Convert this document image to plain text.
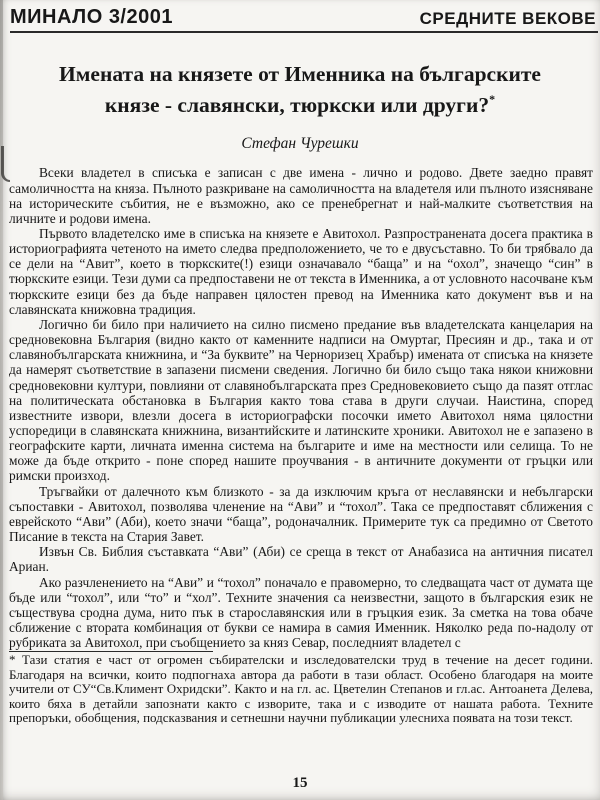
МИНАЛО 3/2001	СРЕДНИТЕ ВЕКОВЕ
Имената на князете от Именника на българските
князе - славянски, тюркски или други?*
Стефан Чурешки

Всеки владетел в списъка е записан с две имена - лично и родово. Двете заедно правят самоличността на княза. Пълното разкриване на самоличността на владетеля или пълното изясняване на историческите събития, не е възможно, ако се пренебрегнат и най-малките съответствия на личните и родови имена.

Първото владетелско име в списъка на князете е Авитохол. Разпространената досега практика в историографията четеното на името следва предположението, че то е двусъставно. То би трябвало да се дели на “Авит”, което в тюркските(!) езици означавало “баща” и на “охол”, значещо “син” в тюркските езици. Тези думи са предпоставени не от текста в Именника, а от условното насочване към тюркските езици без да бъде направен цялостен превод на Именника като документ във и на славянската книжовна традиция.

Логично би било при наличието на силно писмено предание във владетелската канцелария на средновековна България (видно както от каменните надписи на Омуртаг, Пресиян и др., така и от славянобългарската книжнина, и “За буквите” на Черноризец Храбър) имената от списъка на князете да намерят съответствие в запазени писмени сведения. Логично би било също така някои книжовни средновековни култури, повлияни от славянобългарската през Средновековието също да пазят отглас на политическата обстановка в България както това става в други случаи. Наистина, според известните извори, влезли досега в историографски посочки името Авитохол няма цялостни успоредици в славянската книжнина, византийските и латинските хроники. Авитохол не е запазено в географските карти, личната именна система на българите и име на местности или селища. То не може да бъде открито - поне според нашите проучвания - в античните документи от гръцки или римски произход.

Тръгвайки от далечното към близкото - за да изключим кръга от неславянски и небългарски съпоставки - Авитохол, позволява членение на “Ави” и “тохол”. Така се предпоставят сближения с еврейското “Ави” (Аби), което значи “баща”, родоначалник. Примерите тук са предимно от Светото Писание в текста на Стария Завет.

Извън Св. Библия съставката “Ави” (Аби) се среща в текст от Анабазиса на античния писател Ариан.

Ако разчленението на “Ави” и “тохол” поначало е правомерно, то следващата част от думата ще бъде или “тохол”, или “то” и “хол”. Техните значения са неизвестни, защото в българския език не съществува сродна дума, нито пък в старославянския или в гръцкия език. За сметка на това обаче сближение с втората комбинация от букви се намира в самия Именник. Няколко реда по-надолу от рубриката за Авитохол, при съобщението за княз Севар, последният владетел с

* Тази статия е част от огромен събирателски и изследователски труд в течение на десет години. Благодаря на всички, които подпогнаха автора да работи в тази област. Особено благодаря на моите учители от СУ“Св.Климент Охридски”. Както и на гл. ас. Цветелин Степанов и гл.ас. Антоанета Делева, които бяха в детайли запознати както с изворите, така и с изводите от нашата работа. Техните препоръки, обобщения, подсказвания и сетнешни научни публикации улесниха появата на този текст.
15
